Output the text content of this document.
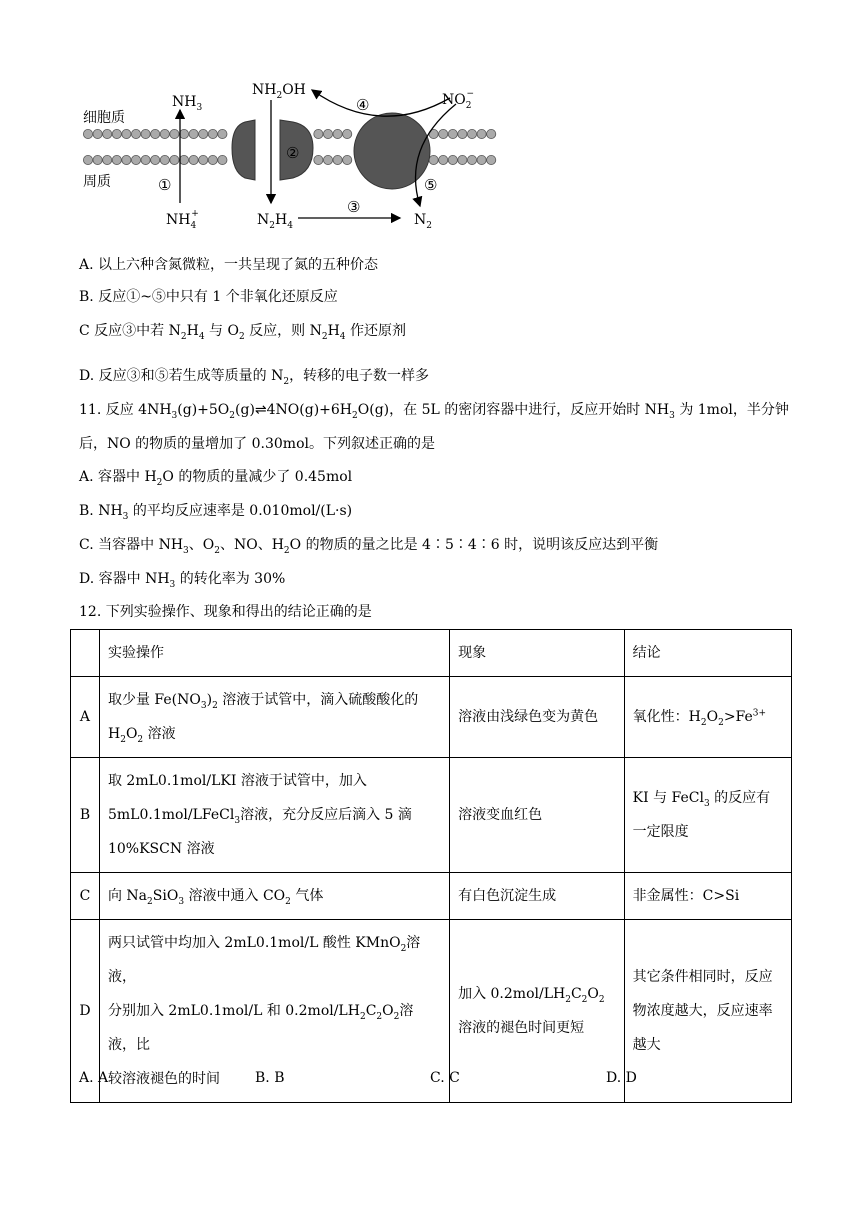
细胞质
周质
$NH_3$
$NH_4+$
$NH_2OH$
$NO_2-$
$N_2H_4$	$N_2$
①
②
③
④
⑤
A. 以上六种含氮微粒，一共呈现了氮的五种价态
B. 反应①~⑤中只有 1 个非氧化还原反应
C 反应③中若 $N_2H_4$ 与 $O_2$ 反应，则 $N_2H_4$ 作还原剂
D. 反应③和⑤若生成等质量的 $N_2$，转移的电子数一样多
11. 反应 $4NH_3(g)+5O_2(g)\rightleftharpoons 4NO(g)+6H_2O(g)$，在 5L 的密闭容器中进行，反应开始时 $NH_3$ 为 1mol，半分钟
后，NO 的物质的量增加了 0.30mol。下列叙述正确的是
A. 容器中 $H_2O$ 的物质的量减少了 0.45mol
B. $NH_3$ 的平均反应速率是 0.010mol/(L·s)
C. 当容器中 $NH_3$、$O_2$、NO、$H_2O$ 的物质的量之比是 4∶5∶4∶6 时，说明该反应达到平衡
D. 容器中 $NH_3$ 的转化率为 30%
12. 下列实验操作、现象和得出的结论正确的是
	实验操作	现象	结论
A	取少量 $Fe(NO_3)_2$ 溶液于试管中，滴入硫酸酸化的
$H_2O_2$ 溶液	溶液由浅绿色变为黄色	氧化性：$H_2O_2>Fe^{3+}$
B	取 2mL0.1mol/LKI 溶液于试管中，加入
5mL0.1mol/LFeCl$_3$溶液，充分反应后滴入 5 滴
10%KSCN 溶液	溶液变血红色	KI 与 FeCl$_3$ 的反应有一定限度
C	向 $Na_2SiO_3$ 溶液中通入 $CO_2$ 气体	有白色沉淀生成	非金属性：C>Si
D	两只试管中均加入 2mL0.1mol/L 酸性 KMnO$_2$溶液，
分别加入 2mL0.1mol/L 和 $0.2mol/LH_2C_2O_2$溶液，比
较溶液褪色的时间	加入 $0.2mol/LH_2C_2O_2$ 溶液的褪色时间更短	其它条件相同时，反应物浓度越大，反应速率越大
A. A	B. B	C. C	D. D
